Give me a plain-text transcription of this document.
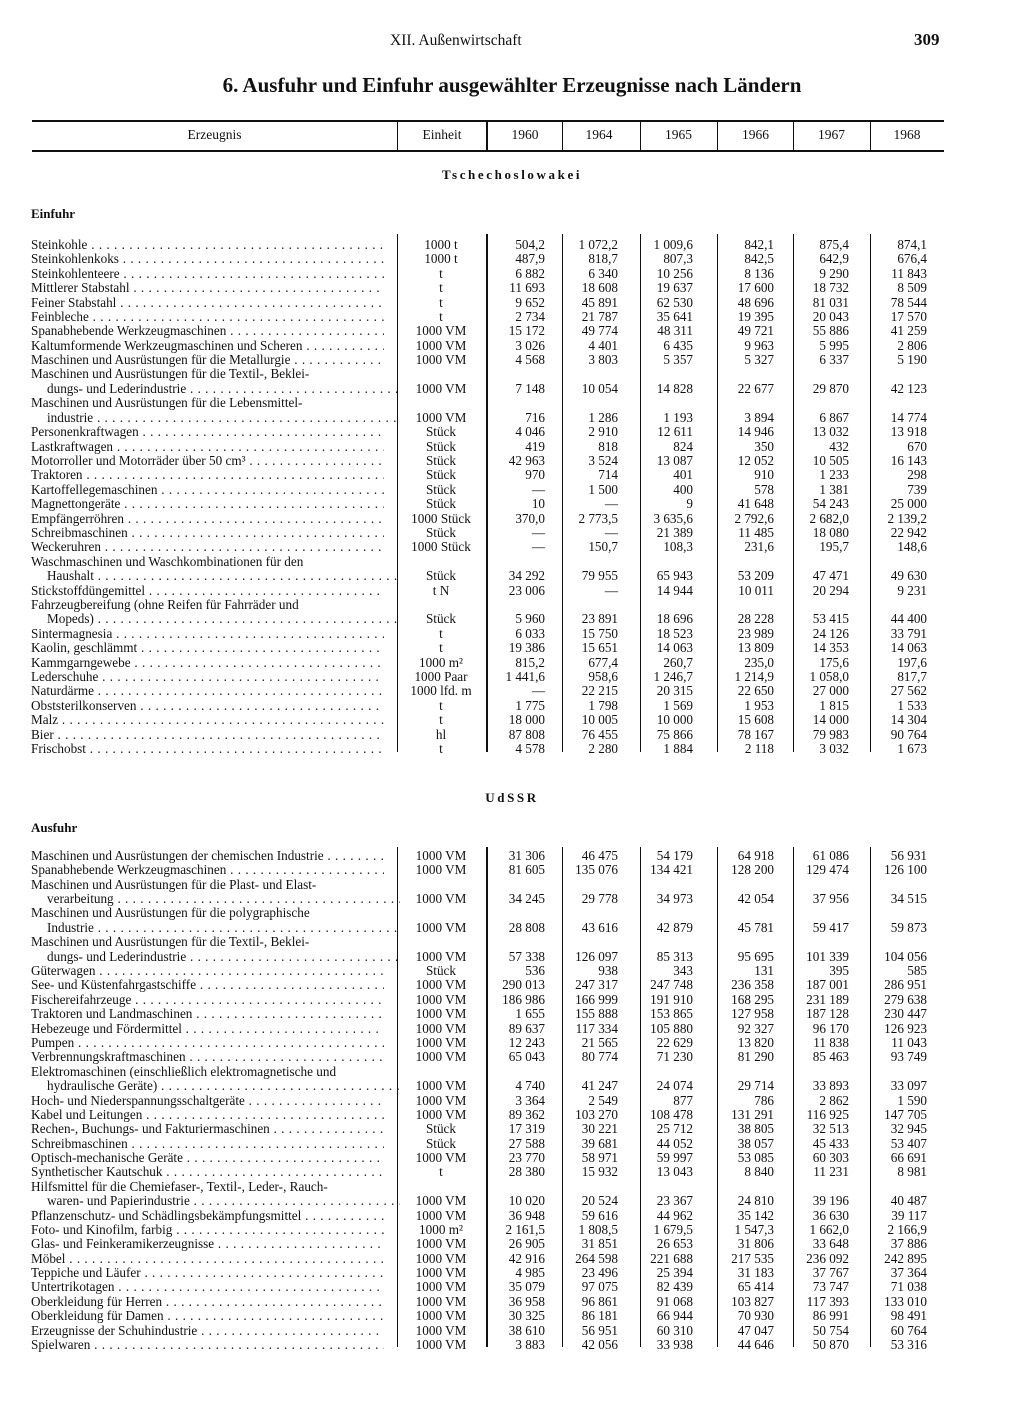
XII. Außenwirtschaft	309
6. Ausfuhr und Einfuhr ausgewählter Erzeugnisse nach Ländern
Erzeugnis	Einheit	1960	1964	1965	1966	1967	1968
Tschechoslowakei
Einfuhr
Steinkohle . . .	1000 t	504,2	1 072,2	1 009,6	842,1	875,4	874,1
Steinkohlenkoks . . .	1000 t	487,9	818,7	807,3	842,5	642,9	676,4
Steinkohlenteere . . .	t	6 882	6 340	10 256	8 136	9 290	11 843
Mittlerer Stabstahl . . .	t	11 693	18 608	19 637	17 600	18 732	8 509
Feiner Stabstahl . . .	t	9 652	45 891	62 530	48 696	81 031	78 544
Feinbleche . . .	t	2 734	21 787	35 641	19 395	20 043	17 570
Spanabhebende Werkzeugmaschinen . . .	1000 VM	15 172	49 774	48 311	49 721	55 886	41 259
Kaltumformende Werkzeugmaschinen und Scheren . . .	1000 VM	3 026	4 401	6 435	9 963	5 995	2 806
Maschinen und Ausrüstungen für die Metallurgie . . .	1000 VM	4 568	3 803	5 357	5 327	6 337	5 190
Maschinen und Ausrüstungen für die Textil-, Beklei-
dungs- und Lederindustrie . . .	1000 VM	7 148	10 054	14 828	22 677	29 870	42 123
Maschinen und Ausrüstungen für die Lebensmittel-
industrie . . .	1000 VM	716	1 286	1 193	3 894	6 867	14 774
Personenkraftwagen . . .	Stück	4 046	2 910	12 611	14 946	13 032	13 918
Lastkraftwagen . . .	Stück	419	818	824	350	432	670
Motorroller und Motorräder über 50 cm³ . . .	Stück	42 963	3 524	13 087	12 052	10 505	16 143
Traktoren . . .	Stück	970	714	401	910	1 233	298
Kartoffellegemaschinen . . .	Stück	—	1 500	400	578	1 381	739
Magnettongeräte . . .	Stück	10	—	9	41 648	54 243	25 000
Empfängerröhren . . .	1000 Stück	370,0	2 773,5	3 635,6	2 792,6	2 682,0	2 139,2
Schreibmaschinen . . .	Stück	—	—	21 389	11 485	18 080	22 942
Weckeruhren . . .	1000 Stück	—	150,7	108,3	231,6	195,7	148,6
Waschmaschinen und Waschkombinationen für den
Haushalt . . .	Stück	34 292	79 955	65 943	53 209	47 471	49 630
Stickstoffdüngemittel . . .	t N	23 006	—	14 944	10 011	20 294	9 231
Fahrzeugbereifung (ohne Reifen für Fahrräder und
Mopeds) . . .	Stück	5 960	23 891	18 696	28 228	53 415	44 400
Sintermagnesia . . .	t	6 033	15 750	18 523	23 989	24 126	33 791
Kaolin, geschlämmt . . .	t	19 386	15 651	14 063	13 809	14 353	14 063
Kammgarngewebe . . .	1000 m²	815,2	677,4	260,7	235,0	175,6	197,6
Lederschuhe . . .	1000 Paar	1 441,6	958,6	1 246,7	1 214,9	1 058,0	817,7
Naturdärme . . .	1000 lfd. m	—	22 215	20 315	22 650	27 000	27 562
Obststerilkonserven . . .	t	1 775	1 798	1 569	1 953	1 815	1 533
Malz . . .	t	18 000	10 005	10 000	15 608	14 000	14 304
Bier . . .	hl	87 808	76 455	75 866	78 167	79 983	90 764
Frischobst . . .	t	4 578	2 280	1 884	2 118	3 032	1 673
UdSSR
Ausfuhr
Maschinen und Ausrüstungen der chemischen Industrie . . .	1000 VM	31 306	46 475	54 179	64 918	61 086	56 931
Spanabhebende Werkzeugmaschinen . . .	1000 VM	81 605	135 076	134 421	128 200	129 474	126 100
Maschinen und Ausrüstungen für die Plast- und Elast-
verarbeitung . . .	1000 VM	34 245	29 778	34 973	42 054	37 956	34 515
Maschinen und Ausrüstungen für die polygraphische
Industrie . . .	1000 VM	28 808	43 616	42 879	45 781	59 417	59 873
Maschinen und Ausrüstungen für die Textil-, Beklei-
dungs- und Lederindustrie . . .	1000 VM	57 338	126 097	85 313	95 695	101 339	104 056
Güterwagen . . .	Stück	536	938	343	131	395	585
See- und Küstenfahrgastschiffe . . .	1000 VM	290 013	247 317	247 748	236 358	187 001	286 951
Fischereifahrzeuge . . .	1000 VM	186 986	166 999	191 910	168 295	231 189	279 638
Traktoren und Landmaschinen . . .	1000 VM	1 655	155 888	153 865	127 958	187 128	230 447
Hebezeuge und Fördermittel . . .	1000 VM	89 637	117 334	105 880	92 327	96 170	126 923
Pumpen . . .	1000 VM	12 243	21 565	22 629	13 820	11 838	11 043
Verbrennungskraftmaschinen . . .	1000 VM	65 043	80 774	71 230	81 290	85 463	93 749
Elektromaschinen (einschließlich elektromagnetische und
hydraulische Geräte) . . .	1000 VM	4 740	41 247	24 074	29 714	33 893	33 097
Hoch- und Niederspannungsschaltgeräte . . .	1000 VM	3 364	2 549	877	786	2 862	1 590
Kabel und Leitungen . . .	1000 VM	89 362	103 270	108 478	131 291	116 925	147 705
Rechen-, Buchungs- und Fakturiermaschinen . . .	Stück	17 319	30 221	25 712	38 805	32 513	32 945
Schreibmaschinen . . .	Stück	27 588	39 681	44 052	38 057	45 433	53 407
Optisch-mechanische Geräte . . .	1000 VM	23 770	58 971	59 997	53 085	60 303	66 691
Synthetischer Kautschuk . . .	t	28 380	15 932	13 043	8 840	11 231	8 981
Hilfsmittel für die Chemiefaser-, Textil-, Leder-, Rauch-
waren- und Papierindustrie . . .	1000 VM	10 020	20 524	23 367	24 810	39 196	40 487
Pflanzenschutz- und Schädlingsbekämpfungsmittel . . .	1000 VM	36 948	59 616	44 962	35 142	36 630	39 117
Foto- und Kinofilm, farbig . . .	1000 m²	2 161,5	1 808,5	1 679,5	1 547,3	1 662,0	2 166,9
Glas- und Feinkeramikerzeugnisse . . .	1000 VM	26 905	31 851	26 653	31 806	33 648	37 886
Möbel . . .	1000 VM	42 916	264 598	221 688	217 535	236 092	242 895
Teppiche und Läufer . . .	1000 VM	4 985	23 496	25 394	31 183	37 767	37 364
Untertrikotagen . . .	1000 VM	35 079	97 075	82 439	65 414	73 747	71 038
Oberkleidung für Herren . . .	1000 VM	36 958	96 861	91 068	103 827	117 393	133 010
Oberkleidung für Damen . . .	1000 VM	30 325	86 181	66 944	70 930	86 991	98 491
Erzeugnisse der Schuhindustrie . . .	1000 VM	38 610	56 951	60 310	47 047	50 754	60 764
Spielwaren . . .	1000 VM	3 883	42 056	33 938	44 646	50 870	53 316
